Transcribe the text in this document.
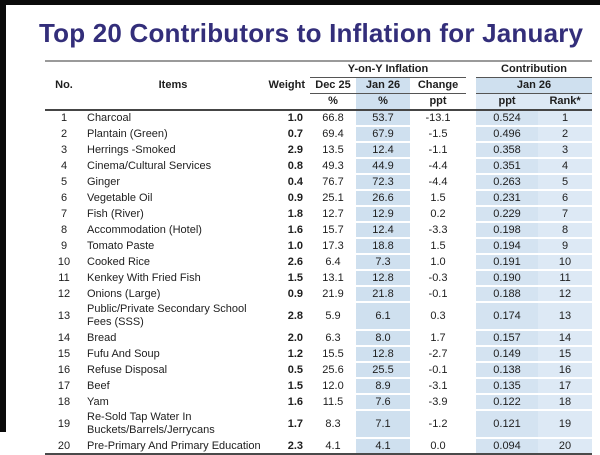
Top 20 Contributors to Inflation for January
No.	Items	Weight	Y-on-Y Inflation				Contribution	
			Dec 25	Jan 26	Change		Jan 26	
			%	%	ppt		ppt	Rank*
1	Charcoal	1.0	66.8	53.7	-13.1		0.524	1
2	Plantain (Green)	0.7	69.4	67.9	-1.5		0.496	2
3	Herrings -Smoked	2.9	13.5	12.4	-1.1		0.358	3
4	Cinema/Cultural Services	0.8	49.3	44.9	-4.4		0.351	4
5	Ginger	0.4	76.7	72.3	-4.4		0.263	5
6	Vegetable Oil	0.9	25.1	26.6	1.5		0.231	6
7	Fish (River)	1.8	12.7	12.9	0.2		0.229	7
8	Accommodation (Hotel)	1.6	15.7	12.4	-3.3		0.198	8
9	Tomato Paste	1.0	17.3	18.8	1.5		0.194	9
10	Cooked Rice	2.6	6.4	7.3	1.0		0.191	10
11	Kenkey With Fried Fish	1.5	13.1	12.8	-0.3		0.190	11
12	Onions (Large)	0.9	21.9	21.8	-0.1		0.188	12
13	Public/Private Secondary School Fees (SSS)	2.8	5.9	6.1	0.3		0.174	13
14	Bread	2.0	6.3	8.0	1.7		0.157	14
15	Fufu And Soup	1.2	15.5	12.8	-2.7		0.149	15
16	Refuse Disposal	0.5	25.6	25.5	-0.1		0.138	16
17	Beef	1.5	12.0	8.9	-3.1		0.135	17
18	Yam	1.6	11.5	7.6	-3.9		0.122	18
19	Re-Sold Tap Water In Buckets/Barrels/Jerrycans	1.7	8.3	7.1	-1.2		0.121	19
20	Pre-Primary And Primary Education	2.3	4.1	4.1	0.0		0.094	20
